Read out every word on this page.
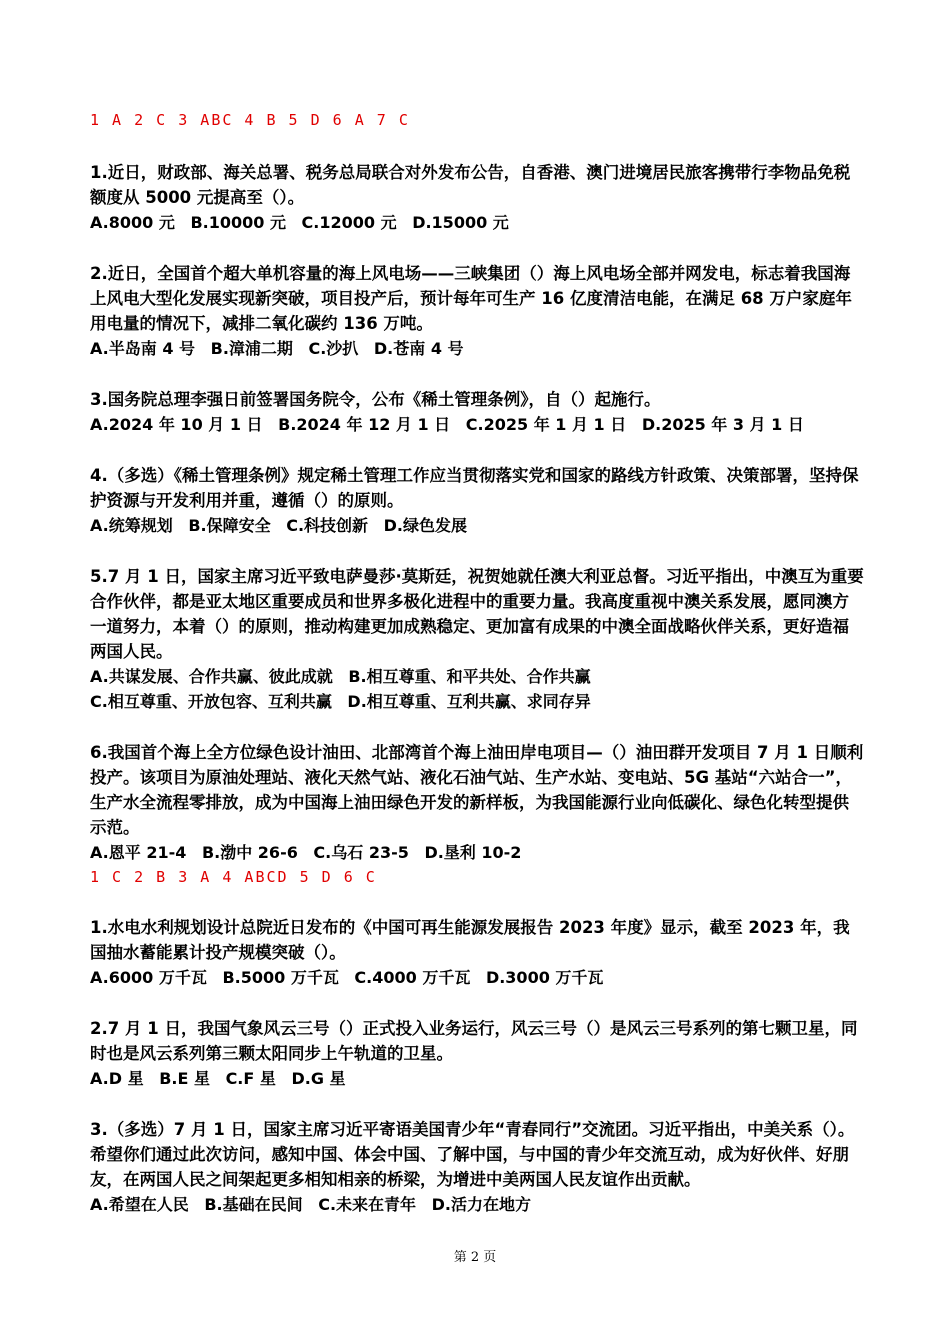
1 A 2 C 3 ABC 4 B 5 D 6 A 7 C
1.近日，财政部、海关总署、税务总局联合对外发布公告，自香港、澳门进境居民旅客携带行李物品免税额度从 5000 元提高至（）。
A.8000 元 B.10000 元 C.12000 元 D.15000 元
2.近日，全国首个超大单机容量的海上风电场——三峡集团（）海上风电场全部并网发电，标志着我国海上风电大型化发展实现新突破，项目投产后，预计每年可生产 16 亿度清洁电能，在满足 68 万户家庭年用电量的情况下，减排二氧化碳约 136 万吨。
A.半岛南 4 号 B.漳浦二期 C.沙扒 D.苍南 4 号
3.国务院总理李强日前签署国务院令，公布《稀土管理条例》，自（）起施行。
A.2024 年 10 月 1 日 B.2024 年 12 月 1 日 C.2025 年 1 月 1 日 D.2025 年 3 月 1 日
4.（多选）《稀土管理条例》规定稀土管理工作应当贯彻落实党和国家的路线方针政策、决策部署，坚持保护资源与开发利用并重，遵循（）的原则。
A.统筹规划 B.保障安全 C.科技创新 D.绿色发展
5.7 月 1 日，国家主席习近平致电萨曼莎·莫斯廷，祝贺她就任澳大利亚总督。习近平指出，中澳互为重要合作伙伴，都是亚太地区重要成员和世界多极化进程中的重要力量。我高度重视中澳关系发展，愿同澳方一道努力，本着（）的原则，推动构建更加成熟稳定、更加富有成果的中澳全面战略伙伴关系，更好造福两国人民。
A.共谋发展、合作共赢、彼此成就 B.相互尊重、和平共处、合作共赢
C.相互尊重、开放包容、互利共赢 D.相互尊重、互利共赢、求同存异
6.我国首个海上全方位绿色设计油田、北部湾首个海上油田岸电项目—（）油田群开发项目 7 月 1 日顺利投产。该项目为原油处理站、液化天然气站、液化石油气站、生产水站、变电站、5G 基站“六站合一”，生产水全流程零排放，成为中国海上油田绿色开发的新样板，为我国能源行业向低碳化、绿色化转型提供示范。
A.恩平 21-4 B.渤中 26-6 C.乌石 23-5 D.垦利 10-2
1 C 2 B 3 A 4 ABCD 5 D 6 C
1.水电水利规划设计总院近日发布的《中国可再生能源发展报告 2023 年度》显示，截至 2023 年，我国抽水蓄能累计投产规模突破（）。
A.6000 万千瓦 B.5000 万千瓦 C.4000 万千瓦 D.3000 万千瓦
2.7 月 1 日，我国气象风云三号（）正式投入业务运行，风云三号（）是风云三号系列的第七颗卫星，同时也是风云系列第三颗太阳同步上午轨道的卫星。
A.D 星 B.E 星 C.F 星 D.G 星
3.（多选）7 月 1 日，国家主席习近平寄语美国青少年“青春同行”交流团。习近平指出，中美关系（）。希望你们通过此次访问，感知中国、体会中国、了解中国，与中国的青少年交流互动，成为好伙伴、好朋友，在两国人民之间架起更多相知相亲的桥梁，为增进中美两国人民友谊作出贡献。
A.希望在人民 B.基础在民间 C.未来在青年 D.活力在地方
第 2 页
